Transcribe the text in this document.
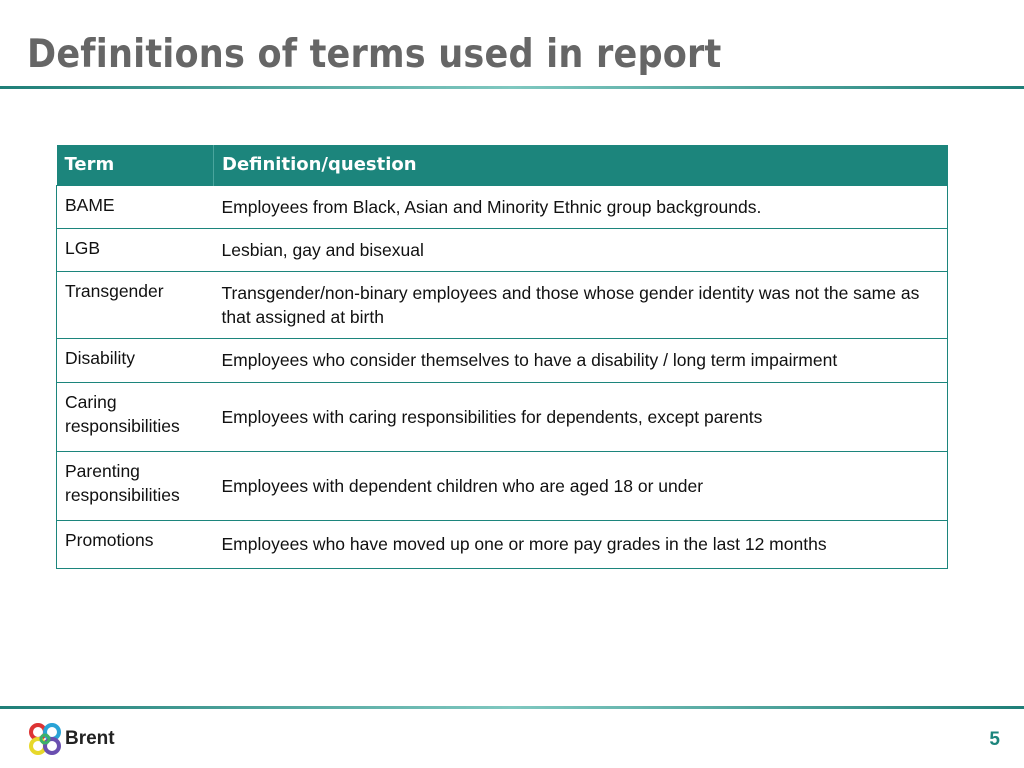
Definitions of terms used in report
Term	Definition/question
BAME	Employees from Black, Asian and Minority Ethnic group backgrounds.
LGB	Lesbian, gay and bisexual
Transgender	Transgender/non-binary employees and those whose gender identity was not the same as that assigned at birth
Disability	Employees who consider themselves to have a disability / long term impairment
Caring responsibilities	Employees with caring responsibilities for dependents, except parents
Parenting responsibilities	Employees with dependent children who are aged 18 or under
Promotions	Employees who have moved up one or more pay grades in the last 12 months
Brent	5
